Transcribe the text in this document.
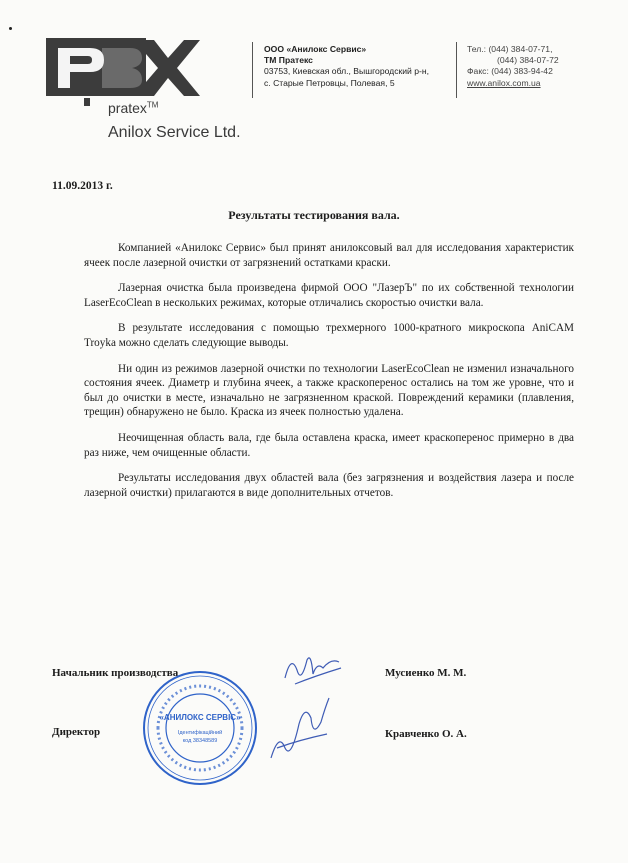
pratex™
Anilox Service Ltd.
ООО «Анилокс Сервис»
ТМ Пратекс
03753, Киевская обл., Вышгородский р-н,
с. Старые Петровцы, Полевая, 5
Тел.: (044) 384-07-71,
(044) 384-07-72
Факс: (044) 383-94-42
www.anilox.com.ua
11.09.2013 г.
Результаты тестирования вала.

Компанией «Анилокс Сервис» был принят анилоксовый вал для исследования характеристик ячеек после лазерной очистки от загрязнений остатками краски.

Лазерная очистка была произведена фирмой ООО "ЛазерЪ" по их собственной технологии LaserEcoClean в нескольких режимах, которые отличались скоростью очистки вала.

В результате исследования с помощью трехмерного 1000-кратного микроскопа AniCAM Troyka можно сделать следующие выводы.

Ни один из режимов лазерной очистки по технологии LaserEcoClean не изменил изначального состояния ячеек. Диаметр и глубина ячеек, а также краскоперенос остались на том же уровне, что и был до очистки в месте, изначально не загрязненном краской. Повреждений керамики (плавления, трещин) обнаружено не было. Краска из ячеек полностью удалена.

Неочищенная область вала, где была оставлена краска, имеет краскоперенос примерно в два раз ниже, чем очищенные области.

Результаты исследования двух областей вала (без загрязнения и воздействия лазера и после лазерной очистки) прилагаются в виде дополнительных отчетов.

Начальник производства	Мусиенко М. М.
Директор	Кравченко О. А.
«АНИЛОКС СЕРВІС»
Ідентифікаційний
код 38348589
